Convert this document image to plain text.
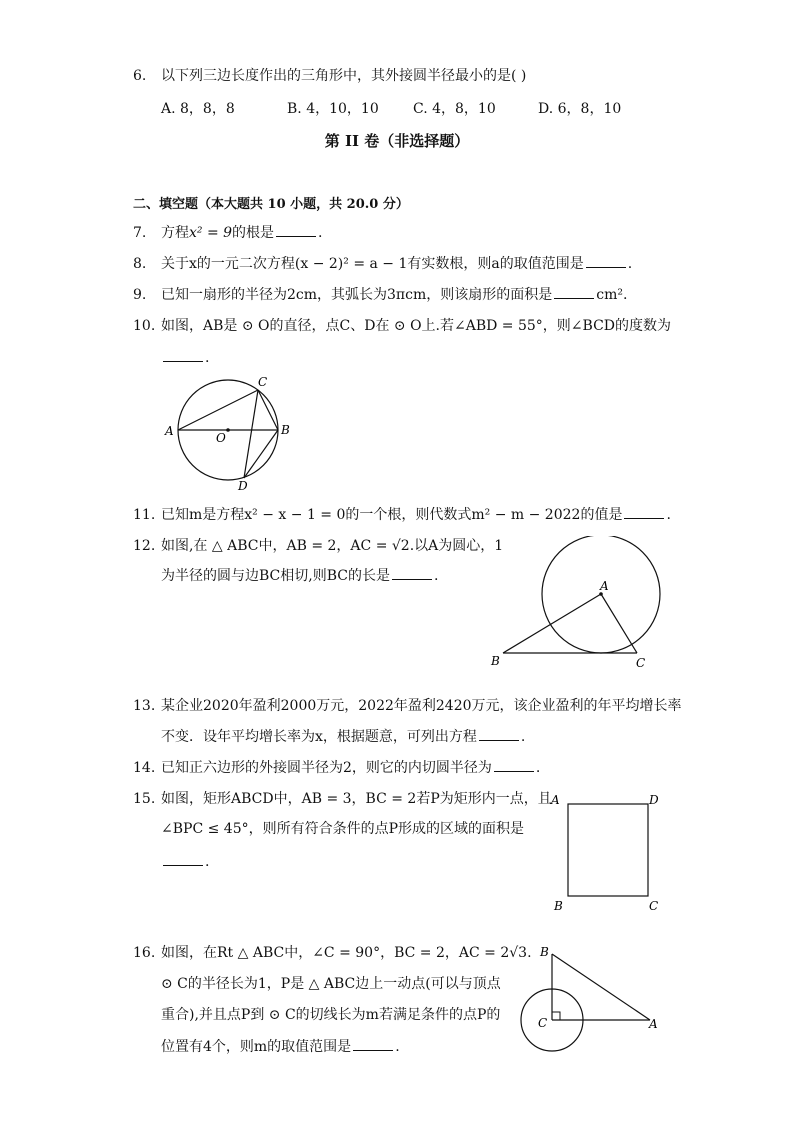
6. 以下列三边长度作出的三角形中，其外接圆半径最小的是( )
A. 8，8，8	B. 4，10，10 C. 4，8，10	D. 6，8，10
第 II 卷（非选择题）
二、填空题（本大题共 10 小题，共 20.0 分）
7. 方程x² = 9的根是	.
8. 关于x的一元二次方程(x − 2)² = a − 1有实数根，则a的取值范围是	.
9. 已知一扇形的半径为2cm，其弧长为3πcm，则该扇形的面积是	cm².
10. 如图，AB是 ⊙ O的直径，点C、D在 ⊙ O上.若∠ABD = 55°，则∠BCD的度数为
.
A	B
C
D
O
11. 已知m是方程x² − x − 1 = 0的一个根，则代数式m² − m − 2022的值是	.
12. 如图,在 △ ABC中，AB = 2，AC = √2.以A为圆心，1
为半径的圆与边BC相切,则BC的长是	.
A
B	C
13. 某企业2020年盈利2000万元，2022年盈利2420万元，该企业盈利的年平均增长率
不变．设年平均增长率为x，根据题意，可列出方程	.
14. 已知正六边形的外接圆半径为2，则它的内切圆半径为	.
15. 如图，矩形ABCD中，AB = 3，BC = 2若P为矩形内一点，且
∠BPC ≤ 45°，则所有符合条件的点P形成的区域的面积是
.
A	D
B	C
16. 如图，在Rt △ ABC中，∠C = 90°，BC = 2，AC = 2√3.
⊙ C的半径长为1，P是 △ ABC边上一动点(可以与顶点
重合),并且点P到 ⊙ C的切线长为m若满足条件的点P的
位置有4个，则m的取值范围是	.
B
C	A
